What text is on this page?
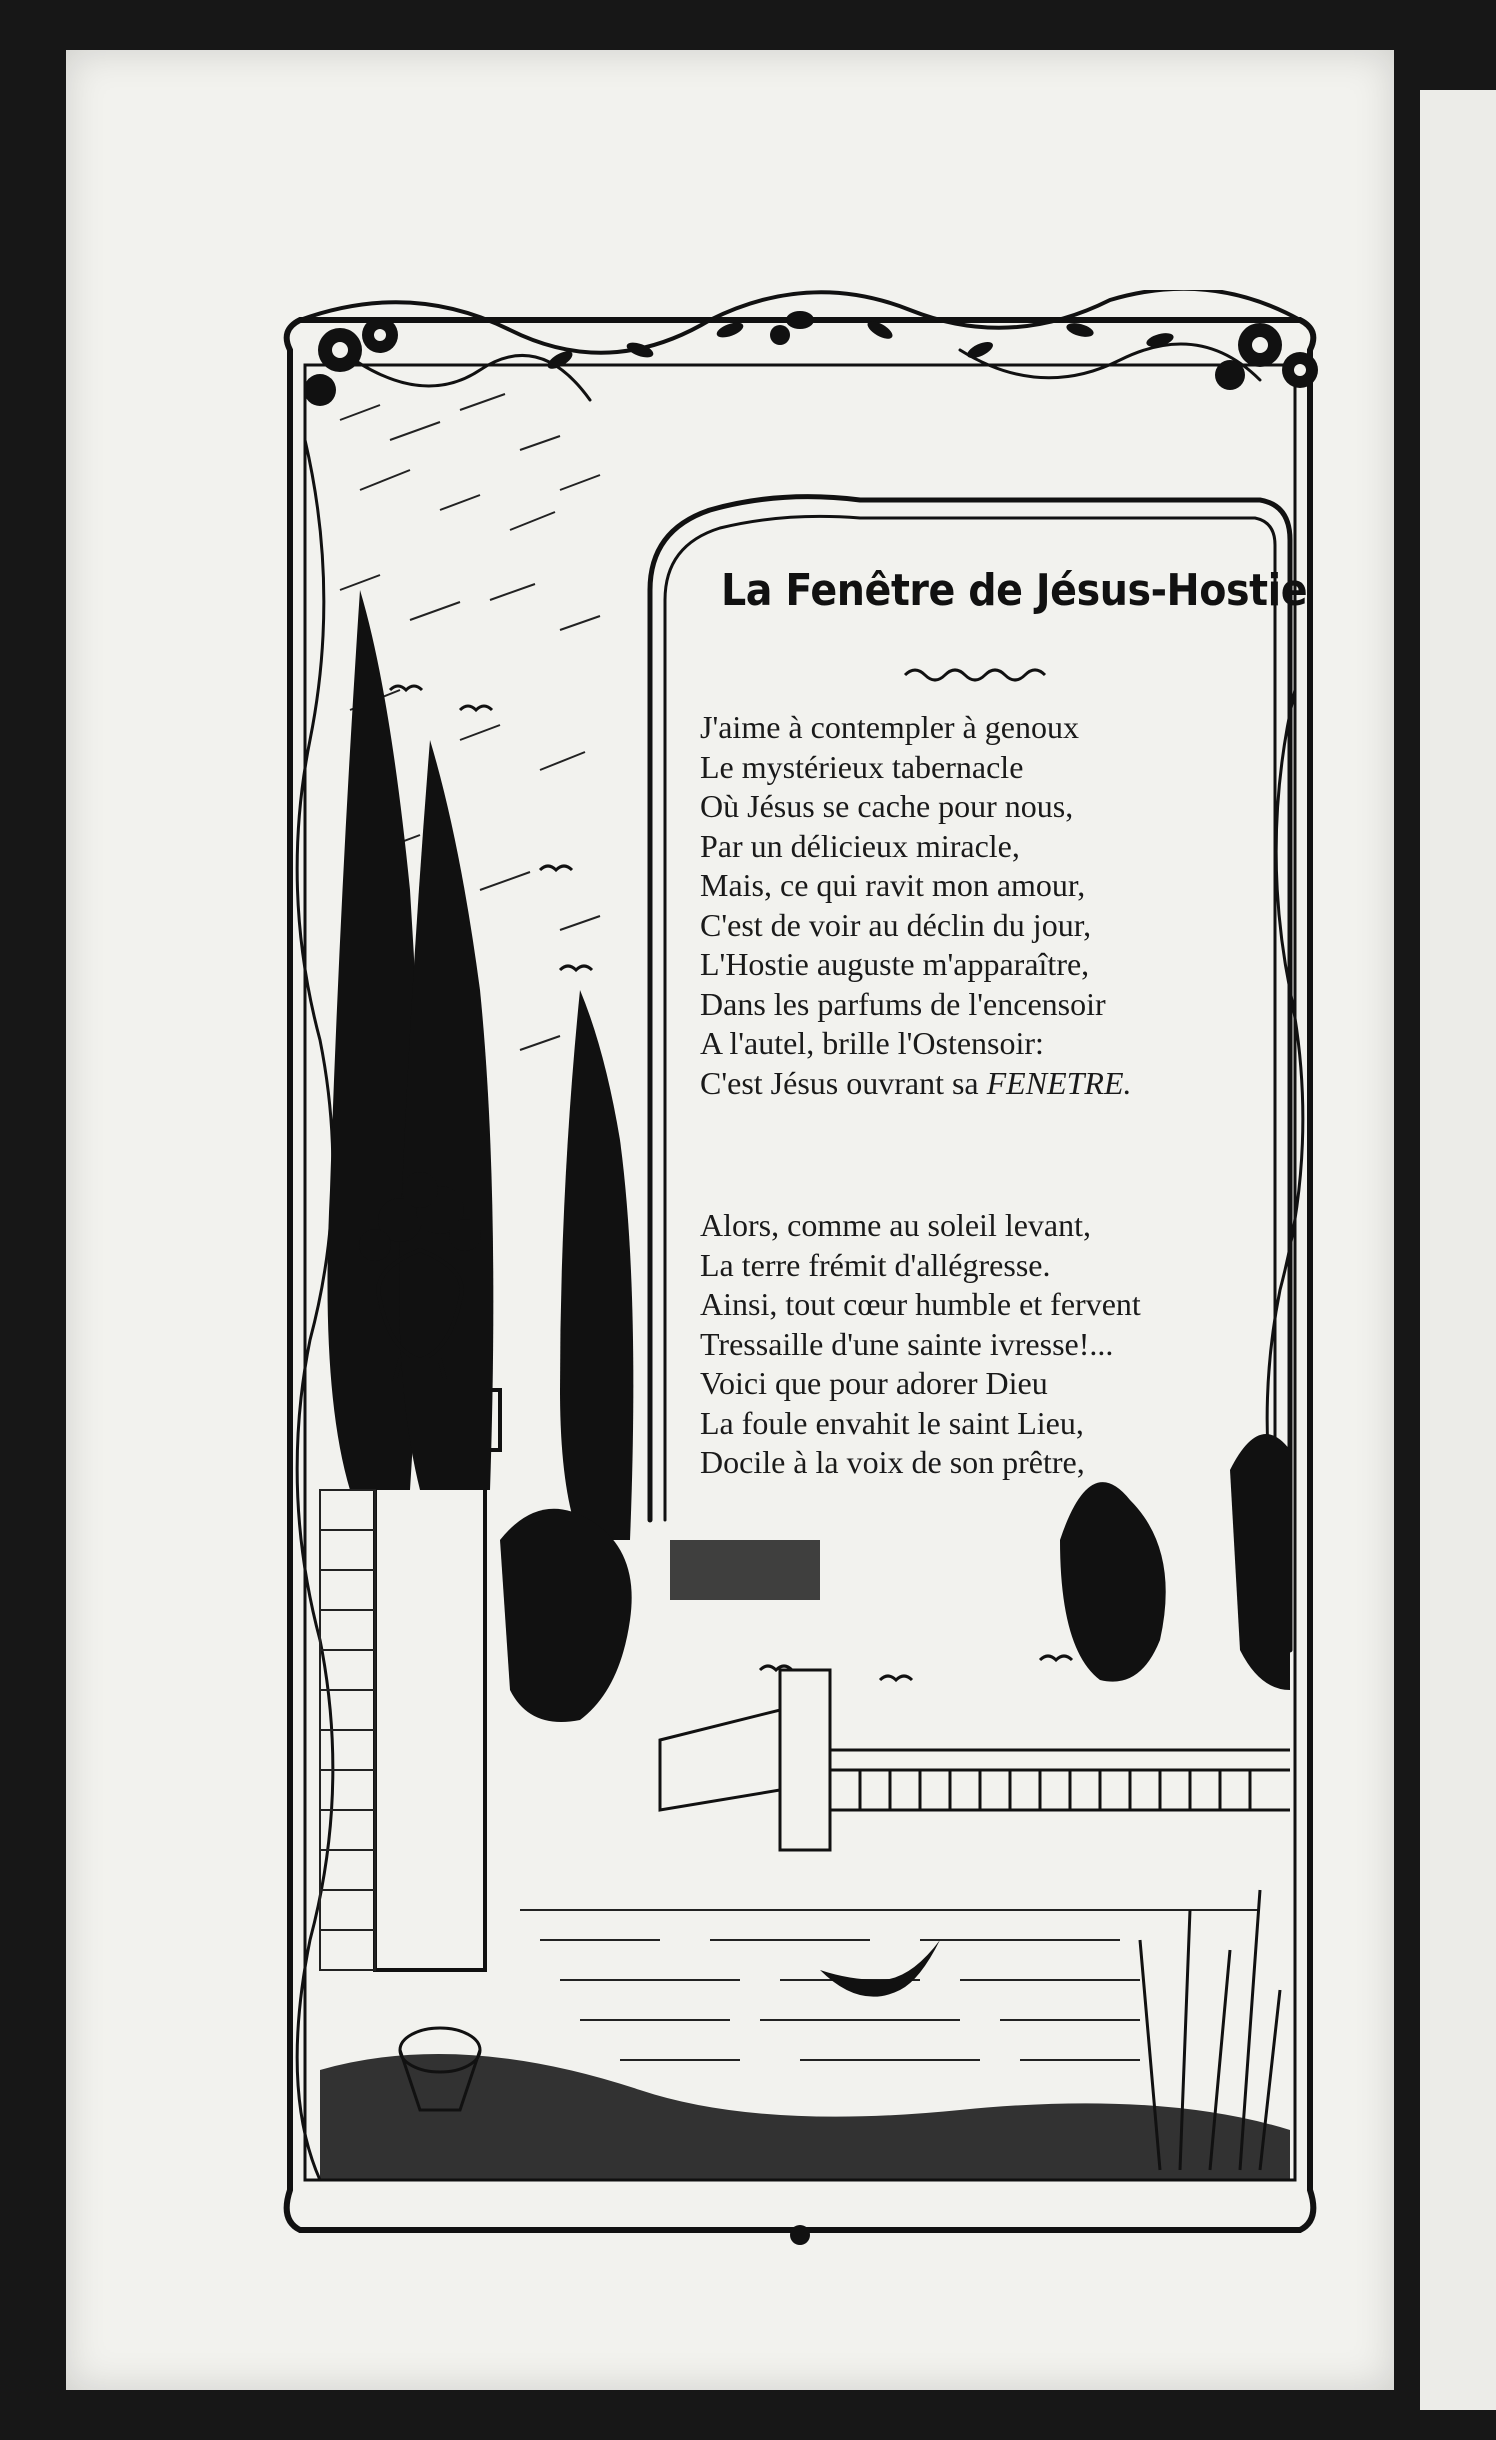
La Fenêtre de Jésus-Hostie
J'aime à contempler à genoux
Le mystérieux tabernacle
Où Jésus se cache pour nous,
Par un délicieux miracle,
Mais, ce qui ravit mon amour,
C'est de voir au déclin du jour,
L'Hostie auguste m'apparaître,
Dans les parfums de l'encensoir
A l'autel, brille l'Ostensoir:
C'est Jésus ouvrant sa FENETRE.
Alors, comme au soleil levant,
La terre frémit d'allégresse.
Ainsi, tout cœur humble et fervent
Tressaille d'une sainte ivresse!...
Voici que pour adorer Dieu
La foule envahit le saint Lieu,
Docile à la voix de son prêtre,
